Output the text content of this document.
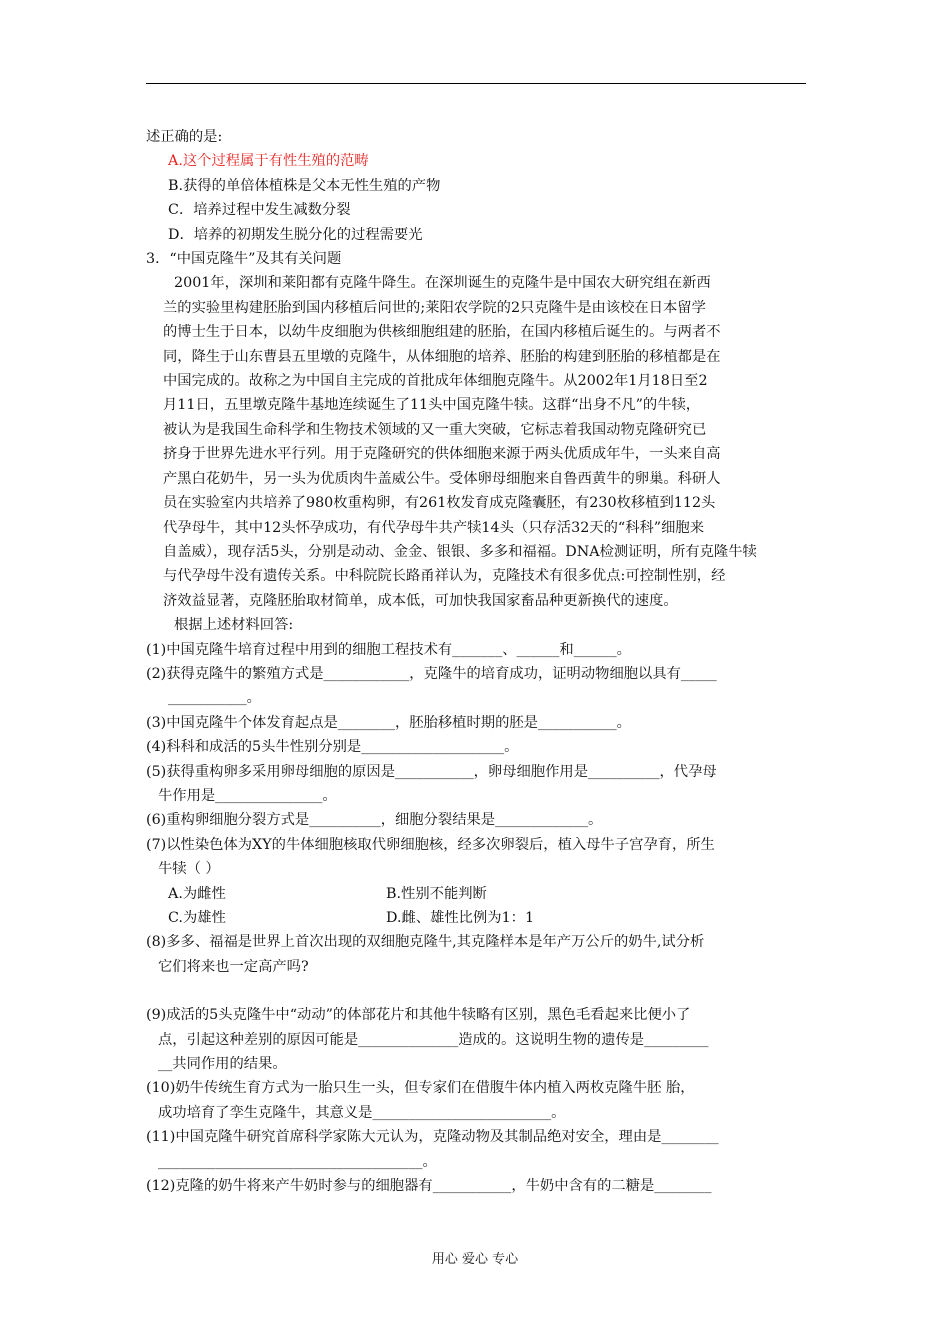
述正确的是:
A.这个过程属于有性生殖的范畴
B.获得的单倍体植株是父本无性生殖的产物
C．培养过程中发生减数分裂
D．培养的初期发生脱分化的过程需要光
3．“中国克隆牛”及其有关问题
2001年，深圳和莱阳都有克隆牛降生。在深圳诞生的克隆牛是中国农大研究组在新西
兰的实验里构建胚胎到国内移植后问世的;莱阳农学院的2只克隆牛是由该校在日本留学
的博士生于日本，以幼牛皮细胞为供核细胞组建的胚胎，在国内移植后诞生的。与两者不
同，降生于山东曹县五里墩的克隆牛，从体细胞的培养、胚胎的构建到胚胎的移植都是在
中国完成的。故称之为中国自主完成的首批成年体细胞克隆牛。从2002年1月18日至2
月11日，五里墩克隆牛基地连续诞生了11头中国克隆牛犊。这群“出身不凡”的牛犊，
被认为是我国生命科学和生物技术领域的又一重大突破，它标志着我国动物克隆研究已
挤身于世界先进水平行列。用于克隆研究的供体细胞来源于两头优质成年牛，一头来自高
产黑白花奶牛，另一头为优质肉牛盖威公牛。受体卵母细胞来自鲁西黄牛的卵巢。科研人
员在实验室内共培养了980枚重构卵，有261枚发育成克隆囊胚，有230枚移植到112头
代孕母牛，其中12头怀孕成功，有代孕母牛共产犊14头（只存活32天的“科科”细胞来
自盖威），现存活5头，分别是动动、金金、银银、多多和福福。DNA检测证明，所有克隆牛犊
与代孕母牛没有遗传关系。中科院院长路甬祥认为，克隆技术有很多优点:可控制性别，经
济效益显著，克隆胚胎取材简单，成本低，可加快我国家畜品种更新换代的速度。
根据上述材料回答:
(1)中国克隆牛培育过程中用到的细胞工程技术有_______、______和______。
(2)获得克隆牛的繁殖方式是____________，克隆牛的培育成功，证明动物细胞以具有_____
___________。
(3)中国克隆牛个体发育起点是________，胚胎移植时期的胚是___________。
(4)科科和成活的5头牛性别分别是____________________。
(5)获得重构卵多采用卵母细胞的原因是___________，卵母细胞作用是__________，代孕母
牛作用是_______________。
(6)重构卵细胞分裂方式是__________，细胞分裂结果是_____________。
(7)以性染色体为XY的牛体细胞核取代卵细胞核，经多次卵裂后，植入母牛子宫孕育，所生
牛犊（ ）
A.为雌性	B.性别不能判断
C.为雄性	D.雌、雄性比例为1：1
(8)多多、福福是世界上首次出现的双细胞克隆牛,其克隆样本是年产万公斤的奶牛,试分析
它们将来也一定高产吗?
(9)成活的5头克隆牛中“动动”的体部花片和其他牛犊略有区别，黑色毛看起来比便小了
点，引起这种差别的原因可能是______________造成的。这说明生物的遗传是_________
__共同作用的结果。
(10)奶牛传统生育方式为一胎只生一头，但专家们在借腹牛体内植入两枚克隆牛胚 胎，
成功培育了孪生克隆牛，其意义是_________________________。
(11)中国克隆牛研究首席科学家陈大元认为，克隆动物及其制品绝对安全，理由是________
_____________________________________。
(12)克隆的奶牛将来产牛奶时参与的细胞器有___________，牛奶中含有的二糖是________
用心 爱心 专心
